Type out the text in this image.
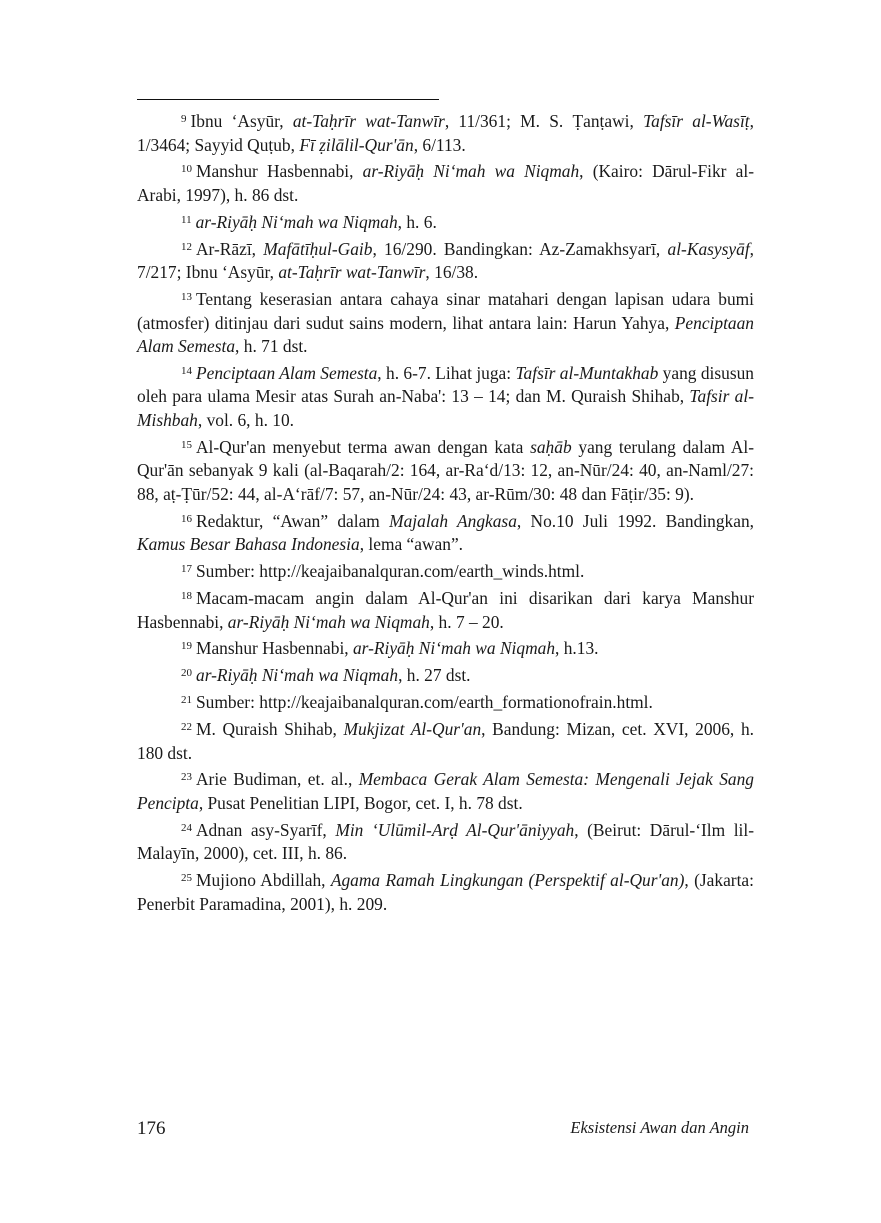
$^9$ Ibnu ‘Asyūr, at-Taḥrīr wat-Tanwīr, 11/361; M. S. Ṭanṭawi, Tafsīr al-Wasīṭ, 1/3464; Sayyid Quṭub, Fī ẓilālil-Qur'ān, 6/113.

$^{10}$ Manshur Hasbennabi, ar-Riyāḥ Ni‘mah wa Niqmah, (Kairo: Dārul-Fikr al-Arabi, 1997), h. 86 dst.

$^{11}$ ar-Riyāḥ Ni‘mah wa Niqmah, h. 6.

$^{12}$ Ar-Rāzī, Mafātīḥul-Gaib, 16/290. Bandingkan: Az-Zamakhsyarī, al-Kasysyāf, 7/217; Ibnu ‘Asyūr, at-Taḥrīr wat-Tanwīr, 16/38.

$^{13}$ Tentang keserasian antara cahaya sinar matahari dengan lapisan udara bumi (atmosfer) ditinjau dari sudut sains modern, lihat antara lain: Harun Yahya, Penciptaan Alam Semesta, h. 71 dst.

$^{14}$ Penciptaan Alam Semesta, h. 6-7. Lihat juga: Tafsīr al-Muntakhab yang disusun oleh para ulama Mesir atas Surah an-Naba': 13 – 14; dan M. Quraish Shihab, Tafsir al-Mishbah, vol. 6, h. 10.

$^{15}$ Al-Qur'an menyebut terma awan dengan kata saḥāb yang terulang dalam Al-Qur'ān sebanyak 9 kali (al-Baqarah/2: 164, ar-Ra‘d/13: 12, an-Nūr/24: 40, an-Naml/27: 88, aṭ-Ṭūr/52: 44, al-A‘rāf/7: 57, an-Nūr/24: 43, ar-Rūm/30: 48 dan Fāṭir/35: 9).

$^{16}$ Redaktur, “Awan” dalam Majalah Angkasa, No.10 Juli 1992. Bandingkan, Kamus Besar Bahasa Indonesia, lema “awan”.

$^{17}$ Sumber: http://keajaibanalquran.com/earth_winds.html.

$^{18}$ Macam-macam angin dalam Al-Qur'an ini disarikan dari karya Manshur Hasbennabi, ar-Riyāḥ Ni‘mah wa Niqmah, h. 7 – 20.

$^{19}$ Manshur Hasbennabi, ar-Riyāḥ Ni‘mah wa Niqmah, h.13.

$^{20}$ ar-Riyāḥ Ni‘mah wa Niqmah, h. 27 dst.

$^{21}$ Sumber: http://keajaibanalquran.com/earth_formationofrain.html.

$^{22}$ M. Quraish Shihab, Mukjizat Al-Qur'an, Bandung: Mizan, cet. XVI, 2006, h. 180 dst.

$^{23}$ Arie Budiman, et. al., Membaca Gerak Alam Semesta: Mengenali Jejak Sang Pencipta, Pusat Penelitian LIPI, Bogor, cet. I, h. 78 dst.

$^{24}$ Adnan asy-Syarīf, Min ‘Ulūmil-Arḍ Al-Qur'āniyyah, (Beirut: Dārul-‘Ilm lil-Malayīn, 2000), cet. III, h. 86.

$^{25}$ Mujiono Abdillah, Agama Ramah Lingkungan (Perspektif al-Qur'an), (Jakarta: Penerbit Paramadina, 2001), h. 209.

176	Eksistensi Awan dan Angin
